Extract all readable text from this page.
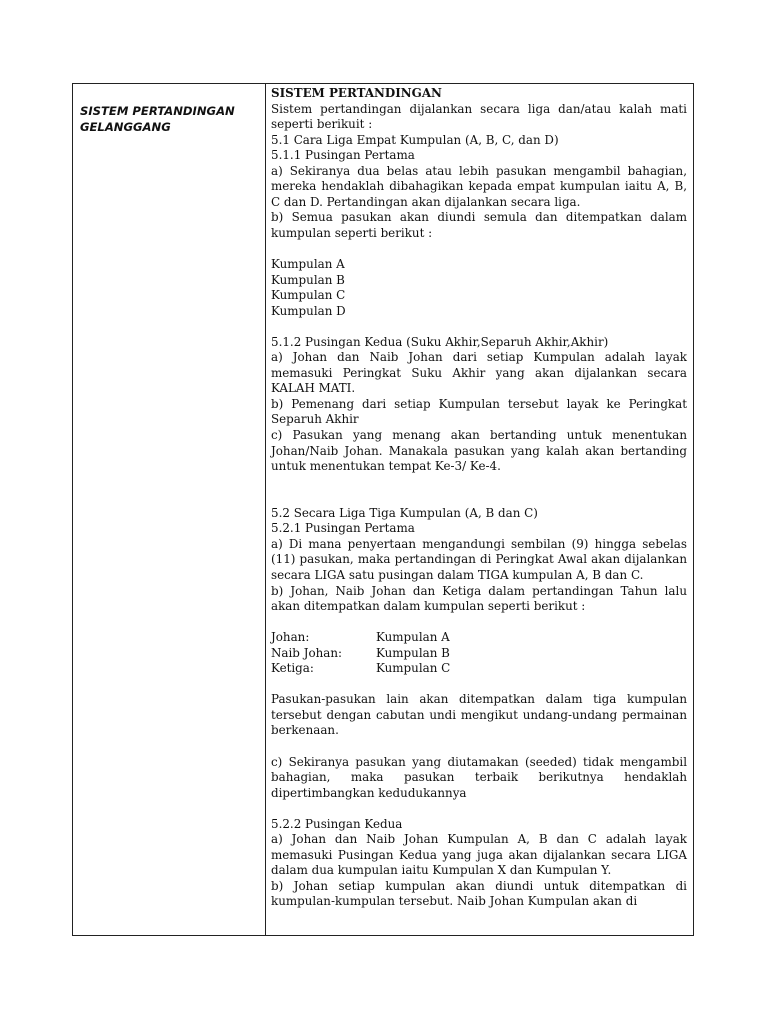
SISTEM PERTANDINGAN
GELANGGANG

SISTEM PERTANDINGAN

Sistem pertandingan dijalankan secara liga dan/atau kalah mati seperti berikuit :

5.1 Cara Liga Empat Kumpulan (A, B, C, dan D)

5.1.1 Pusingan Pertama

a) Sekiranya dua belas atau lebih pasukan mengambil bahagian, mereka hendaklah dibahagikan kepada empat kumpulan iaitu A, B, C dan D. Pertandingan akan dijalankan secara liga.

b) Semua pasukan akan diundi semula dan ditempatkan dalam kumpulan seperti berikut :

Kumpulan A

Kumpulan B

Kumpulan C

Kumpulan D

5.1.2 Pusingan Kedua (Suku Akhir,Separuh Akhir,Akhir)

a) Johan dan Naib Johan dari setiap Kumpulan adalah layak memasuki Peringkat Suku Akhir yang akan dijalankan secara KALAH MATI.

b) Pemenang dari setiap Kumpulan tersebut layak ke Peringkat Separuh Akhir

c) Pasukan yang menang akan bertanding untuk menentukan Johan/Naib Johan. Manakala pasukan yang kalah akan bertanding untuk menentukan tempat Ke-3/ Ke-4.

5.2 Secara Liga Tiga Kumpulan (A, B dan C)

5.2.1 Pusingan Pertama

a) Di mana penyertaan mengandungi sembilan (9) hingga sebelas (11) pasukan, maka pertandingan di Peringkat Awal akan dijalankan secara LIGA satu pusingan dalam TIGA kumpulan A, B dan C.

b) Johan, Naib Johan dan Ketiga dalam pertandingan Tahun lalu akan ditempatkan dalam kumpulan seperti berikut :

Johan:	Kumpulan A
Naib Johan:	Kumpulan B
Ketiga:	Kumpulan C

Pasukan-pasukan lain akan ditempatkan dalam tiga kumpulan tersebut dengan cabutan undi mengikut undang-undang permainan berkenaan.

c) Sekiranya pasukan yang diutamakan (seeded) tidak mengambil bahagian, maka pasukan terbaik berikutnya hendaklah dipertimbangkan kedudukannya

5.2.2 Pusingan Kedua

a) Johan dan Naib Johan Kumpulan A, B dan C adalah layak memasuki Pusingan Kedua yang juga akan dijalankan secara LIGA dalam dua kumpulan iaitu Kumpulan X dan Kumpulan Y.

b) Johan setiap kumpulan akan diundi untuk ditempatkan di kumpulan-kumpulan tersebut. Naib Johan Kumpulan akan di
